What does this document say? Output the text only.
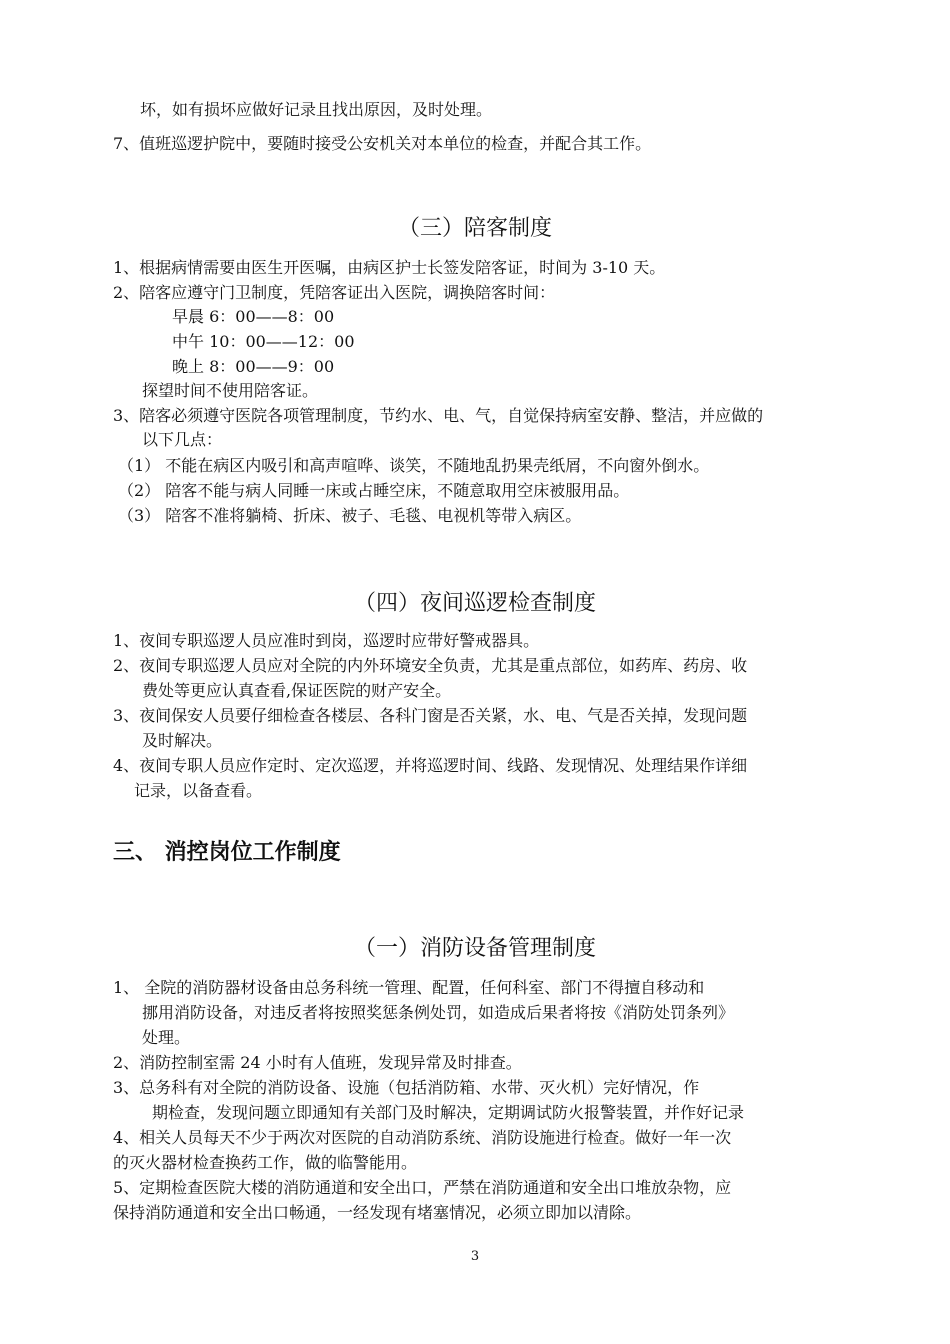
坏，如有损坏应做好记录且找出原因，及时处理。
7、值班巡逻护院中，要随时接受公安机关对本单位的检查，并配合其工作。
（三）陪客制度
1、根据病情需要由医生开医嘱，由病区护士长签发陪客证，时间为 3-10 天。
2、陪客应遵守门卫制度，凭陪客证出入医院，调换陪客时间：
早晨 6：00——8：00
中午 10：00——12：00
晚上 8：00——9：00
探望时间不使用陪客证。
3、陪客必须遵守医院各项管理制度，节约水、电、气，自觉保持病室安静、整洁，并应做的
以下几点：
（1） 不能在病区内吸引和高声喧哗、谈笑，不随地乱扔果壳纸屑，不向窗外倒水。
（2） 陪客不能与病人同睡一床或占睡空床，不随意取用空床被服用品。
（3） 陪客不准将躺椅、折床、被子、毛毯、电视机等带入病区。
（四）夜间巡逻检查制度
1、夜间专职巡逻人员应准时到岗，巡逻时应带好警戒器具。
2、夜间专职巡逻人员应对全院的内外环境安全负责，尤其是重点部位，如药库、药房、收
费处等更应认真查看,保证医院的财产安全。
3、夜间保安人员要仔细检查各楼层、各科门窗是否关紧，水、电、气是否关掉，发现问题
及时解决。
4、夜间专职人员应作定时、定次巡逻，并将巡逻时间、线路、发现情况、处理结果作详细
记录，以备查看。
三、 消控岗位工作制度
（一）消防设备管理制度
1、 全院的消防器材设备由总务科统一管理、配置，任何科室、部门不得擅自移动和
挪用消防设备，对违反者将按照奖惩条例处罚，如造成后果者将按《消防处罚条列》
处理。
2、消防控制室需 24 小时有人值班，发现异常及时排查。
3、总务科有对全院的消防设备、设施（包括消防箱、水带、灭火机）完好情况，作
期检查，发现问题立即通知有关部门及时解决，定期调试防火报警装置，并作好记录
4、相关人员每天不少于两次对医院的自动消防系统、消防设施进行检查。做好一年一次
的灭火器材检查换药工作，做的临警能用。
5、定期检查医院大楼的消防通道和安全出口，严禁在消防通道和安全出口堆放杂物，应
保持消防通道和安全出口畅通，一经发现有堵塞情况，必须立即加以清除。
3
